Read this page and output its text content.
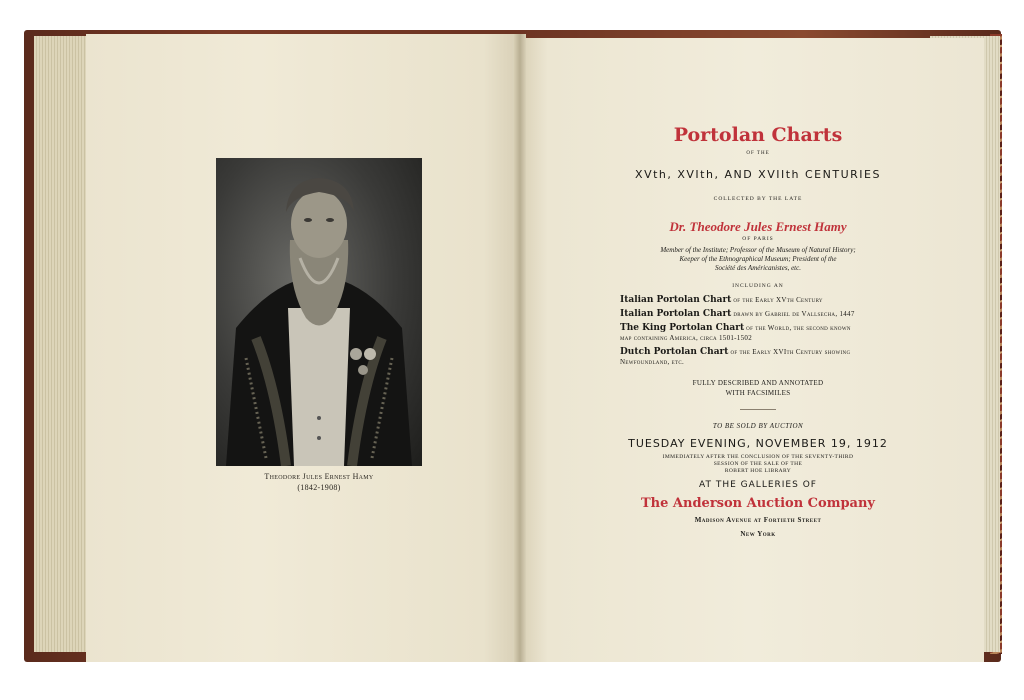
Theodore Jules Ernest Hamy
(1842-1908)
Portolan Charts
OF THE
XVth, XVIth, AND XVIIth CENTURIES
COLLECTED BY THE LATE
Dr. Theodore Jules Ernest Hamy
OF PARIS
Member of the Institute; Professor of the Museum of Natural History;
Keeper of the Ethnographical Museum; President of the
Société des Américanistes, etc.
INCLUDING AN
Italian Portolan Chart of the Early XVth Century
Italian Portolan Chart drawn by Gabriel de Vallsecha, 1447
The King Portolan Chart of the World, the second known
map containing America, circa 1501-1502
Dutch Portolan Chart of the Early XVIth Century showing
Newfoundland, etc.
FULLY DESCRIBED AND ANNOTATED
WITH FACSIMILES
TO BE SOLD BY AUCTION
TUESDAY EVENING, NOVEMBER 19, 1912
IMMEDIATELY AFTER THE CONCLUSION OF THE SEVENTY-THIRD
SESSION OF THE SALE OF THE
ROBERT HOE LIBRARY
AT THE GALLERIES OF
The Anderson Auction Company
Madison Avenue at Fortieth Street
New York
